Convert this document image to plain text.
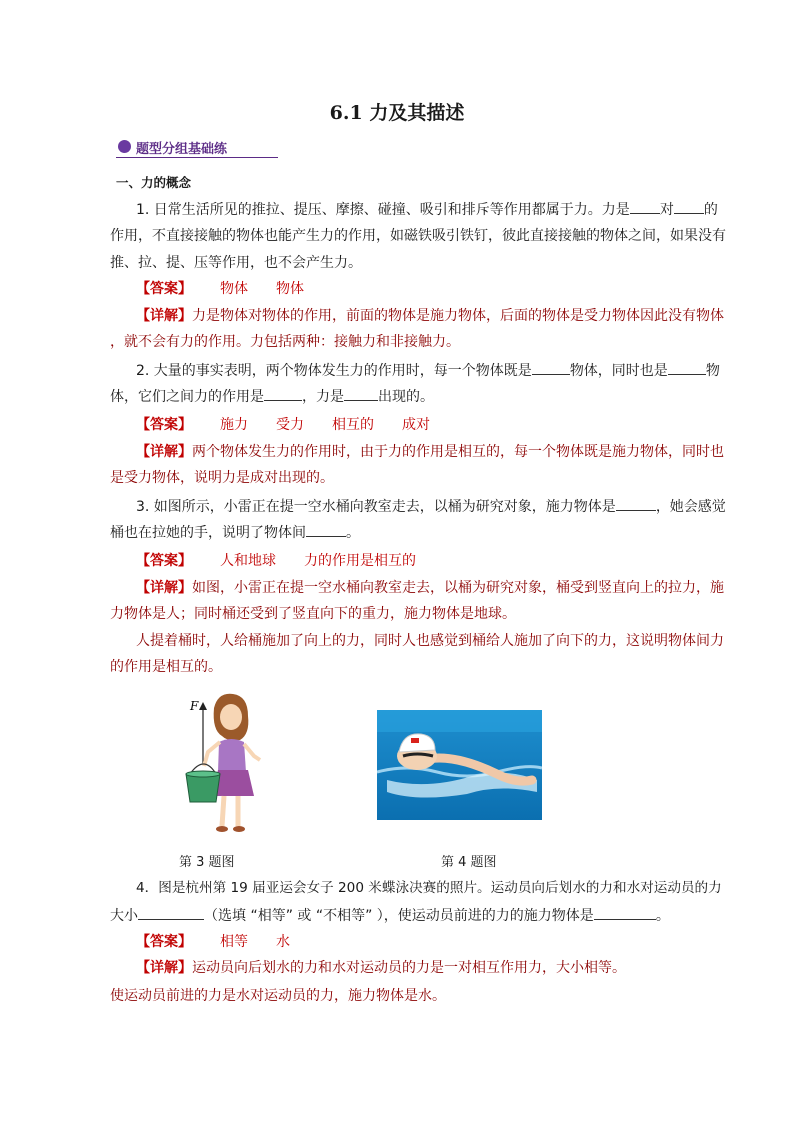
6.1 力及其描述
题型分组基础练
一、力的概念
1. 日常生活所见的推拉、提压、摩擦、碰撞、吸引和排斥等作用都属于力。力是 对 的
作用，不直接接触的物体也能产生力的作用，如磁铁吸引铁钉，彼此直接接触的物体之间，如果没有
推、拉、提、压等作用，也不会产生力。
【答案】 物体 物体
【详解】力是物体对物体的作用，前面的物体是施力物体，后面的物体是受力物体因此没有物体
，就不会有力的作用。力包括两种：接触力和非接触力。
2. 大量的事实表明，两个物体发生力的作用时，每一个物体既是	物体，同时也是	物
体，它们之间力的作用是	，力是 出现的。
【答案】 施力 受力 相互的 成对
【详解】两个物体发生力的作用时，由于力的作用是相互的，每一个物体既是施力物体，同时也
是受力物体，说明力是成对出现的。
3. 如图所示，小雷正在提一空水桶向教室走去，以桶为研究对象，施力物体是	，她会感觉
桶也在拉她的手，说明了物体间	。
【答案】 人和地球 力的作用是相互的
【详解】如图，小雷正在提一空水桶向教室走去，以桶为研究对象，桶受到竖直向上的拉力，施
力物体是人；同时桶还受到了竖直向下的重力，施力物体是地球。
人提着桶时，人给桶施加了向上的力，同时人也感觉到桶给人施加了向下的力，这说明物体间力
的作用是相互的。
F
第 3 题图	第 4 题图
4．图是杭州第 19 届亚运会女子 200 米蝶泳决赛的照片。运动员向后划水的力和水对运动员的力
大小	（选填 “相等” 或 “不相等” ），使运动员前进的力的施力物体是	。
【答案】 相等 水
【详解】运动员向后划水的力和水对运动员的力是一对相互作用力，大小相等。
使运动员前进的力是水对运动员的力，施力物体是水。
